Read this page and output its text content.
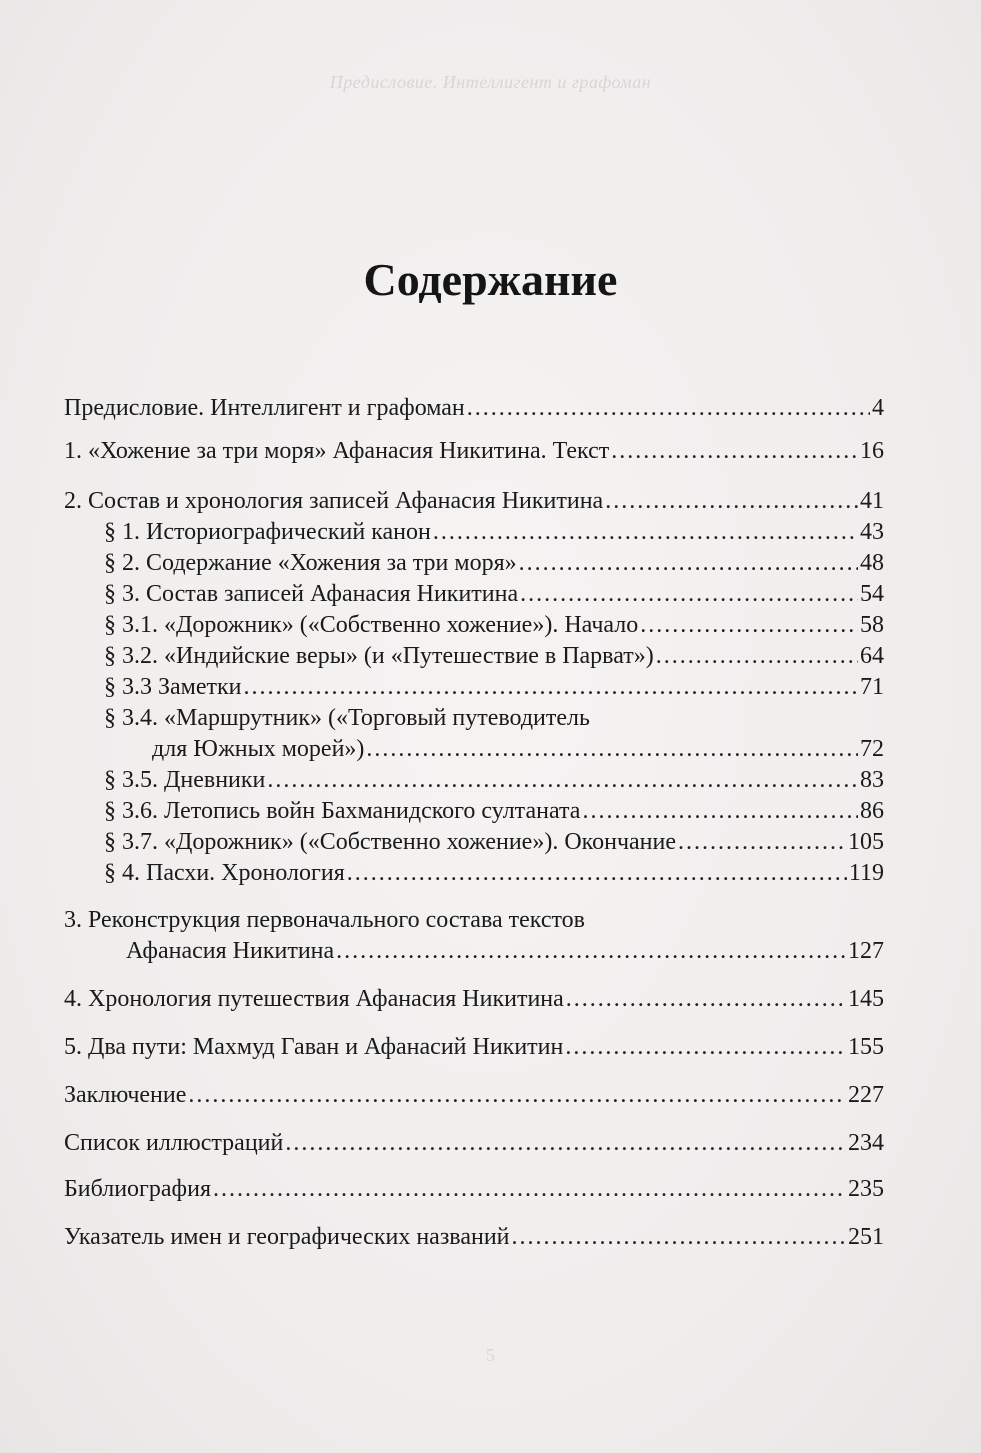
Предисловие. Интеллигент и графоман
Содержание
Предисловие. Интеллигент и графоман . . .	4
1. «Хожение за три моря» Афанасия Никитина. Текст . . .	16
2. Состав и хронология записей Афанасия Никитина . . .	41
§ 1. Историографический канон . . .	43
§ 2. Содержание «Хожения за три моря» . . .	48
§ 3. Состав записей Афанасия Никитина . . .	54
§ 3.1. «Дорожник» («Собственно хожение»). Начало . . .	58
§ 3.2. «Индийские веры» (и «Путешествие в Парват») . . .	64
§ 3.3 Заметки . . .	71
§ 3.4. «Маршрутник» («Торговый путеводитель
для Южных морей») . . .	72
§ 3.5. Дневники . . .	83
§ 3.6. Летопись войн Бахманидского султаната . . .	86
§ 3.7. «Дорожник» («Собственно хожение»). Окончание . . .	105
§ 4. Пасхи. Хронология . . .	119
3. Реконструкция первоначального состава текстов
Афанасия Никитина . . .	127
4. Хронология путешествия Афанасия Никитина . . .	145
5. Два пути: Махмуд Гаван и Афанасий Никитин . . .	155
Заключение . . .	227
Список иллюстраций . . .	234
Библиография . . .	235
Указатель имен и географических названий . . .	251
5
